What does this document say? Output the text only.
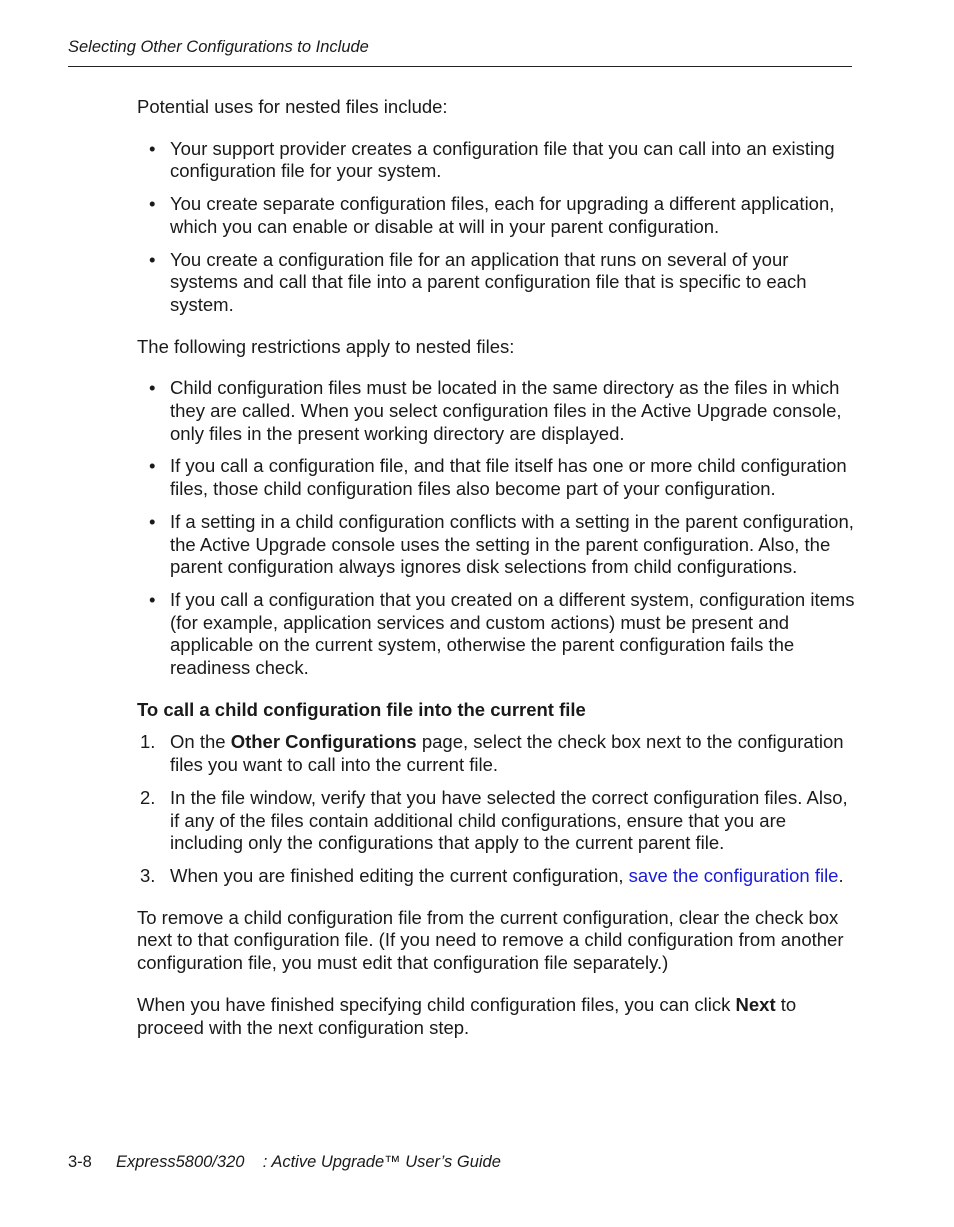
Selecting Other Configurations to Include

Potential uses for nested files include:

• Your support provider creates a configuration file that you can call into an existing configuration file for your system.
• You create separate configuration files, each for upgrading a different application, which you can enable or disable at will in your parent configuration.
• You create a configuration file for an application that runs on several of your systems and call that file into a parent configuration file that is specific to each system.

The following restrictions apply to nested files:

• Child configuration files must be located in the same directory as the files in which they are called. When you select configuration files in the Active Upgrade console, only files in the present working directory are displayed.
• If you call a configuration file, and that file itself has one or more child configuration files, those child configuration files also become part of your configuration.
• If a setting in a child configuration conflicts with a setting in the parent configuration, the Active Upgrade console uses the setting in the parent configuration. Also, the parent configuration always ignores disk selections from child configurations.
• If you call a configuration that you created on a different system, configuration items (for example, application services and custom actions) must be present and applicable on the current system, otherwise the parent configuration fails the readiness check.

To call a child configuration file into the current file

1. On the Other Configurations page, select the check box next to the configuration files you want to call into the current file.
2. In the file window, verify that you have selected the correct configuration files. Also, if any of the files contain additional child configurations, ensure that you are including only the configurations that apply to the current parent file.
3. When you are finished editing the current configuration, save the configuration file.

To remove a child configuration file from the current configuration, clear the check box next to that configuration file. (If you need to remove a child configuration from another configuration file, you must edit that configuration file separately.)

When you have finished specifying child configuration files, you can click Next to proceed with the next configuration step.

3-8 Express5800/320    : Active Upgrade™ User’s Guide
